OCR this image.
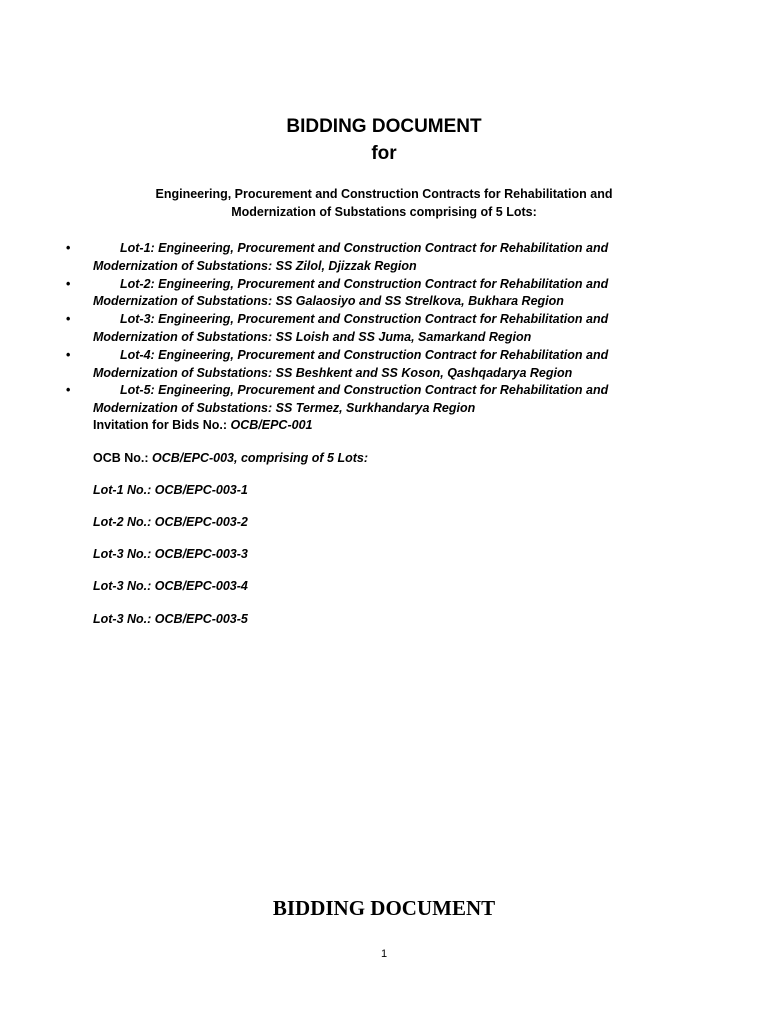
BIDDING DOCUMENT
for
Engineering, Procurement and Construction Contracts for Rehabilitation and
Modernization of Substations comprising of 5 Lots:
•	Lot-1: Engineering, Procurement and Construction Contract for Rehabilitation and Modernization of Substations: SS Zilol, Djizzak Region
•	Lot-2: Engineering, Procurement and Construction Contract for Rehabilitation and Modernization of Substations: SS Galaosiyo and SS Strelkova, Bukhara Region
•	Lot-3: Engineering, Procurement and Construction Contract for Rehabilitation and Modernization of Substations: SS Loish and SS Juma, Samarkand Region
•	Lot-4: Engineering, Procurement and Construction Contract for Rehabilitation and Modernization of Substations: SS Beshkent and SS Koson, Qashqadarya Region
•	Lot-5: Engineering, Procurement and Construction Contract for Rehabilitation and Modernization of Substations: SS Termez, Surkhandarya Region
Invitation for Bids No.: OCB/EPC-001
OCB No.: OCB/EPC-003, comprising of 5 Lots:
Lot-1 No.: OCB/EPC-003-1
Lot-2 No.: OCB/EPC-003-2
Lot-3 No.: OCB/EPC-003-3
Lot-3 No.: OCB/EPC-003-4
Lot-3 No.: OCB/EPC-003-5
BIDDING DOCUMENT
1
